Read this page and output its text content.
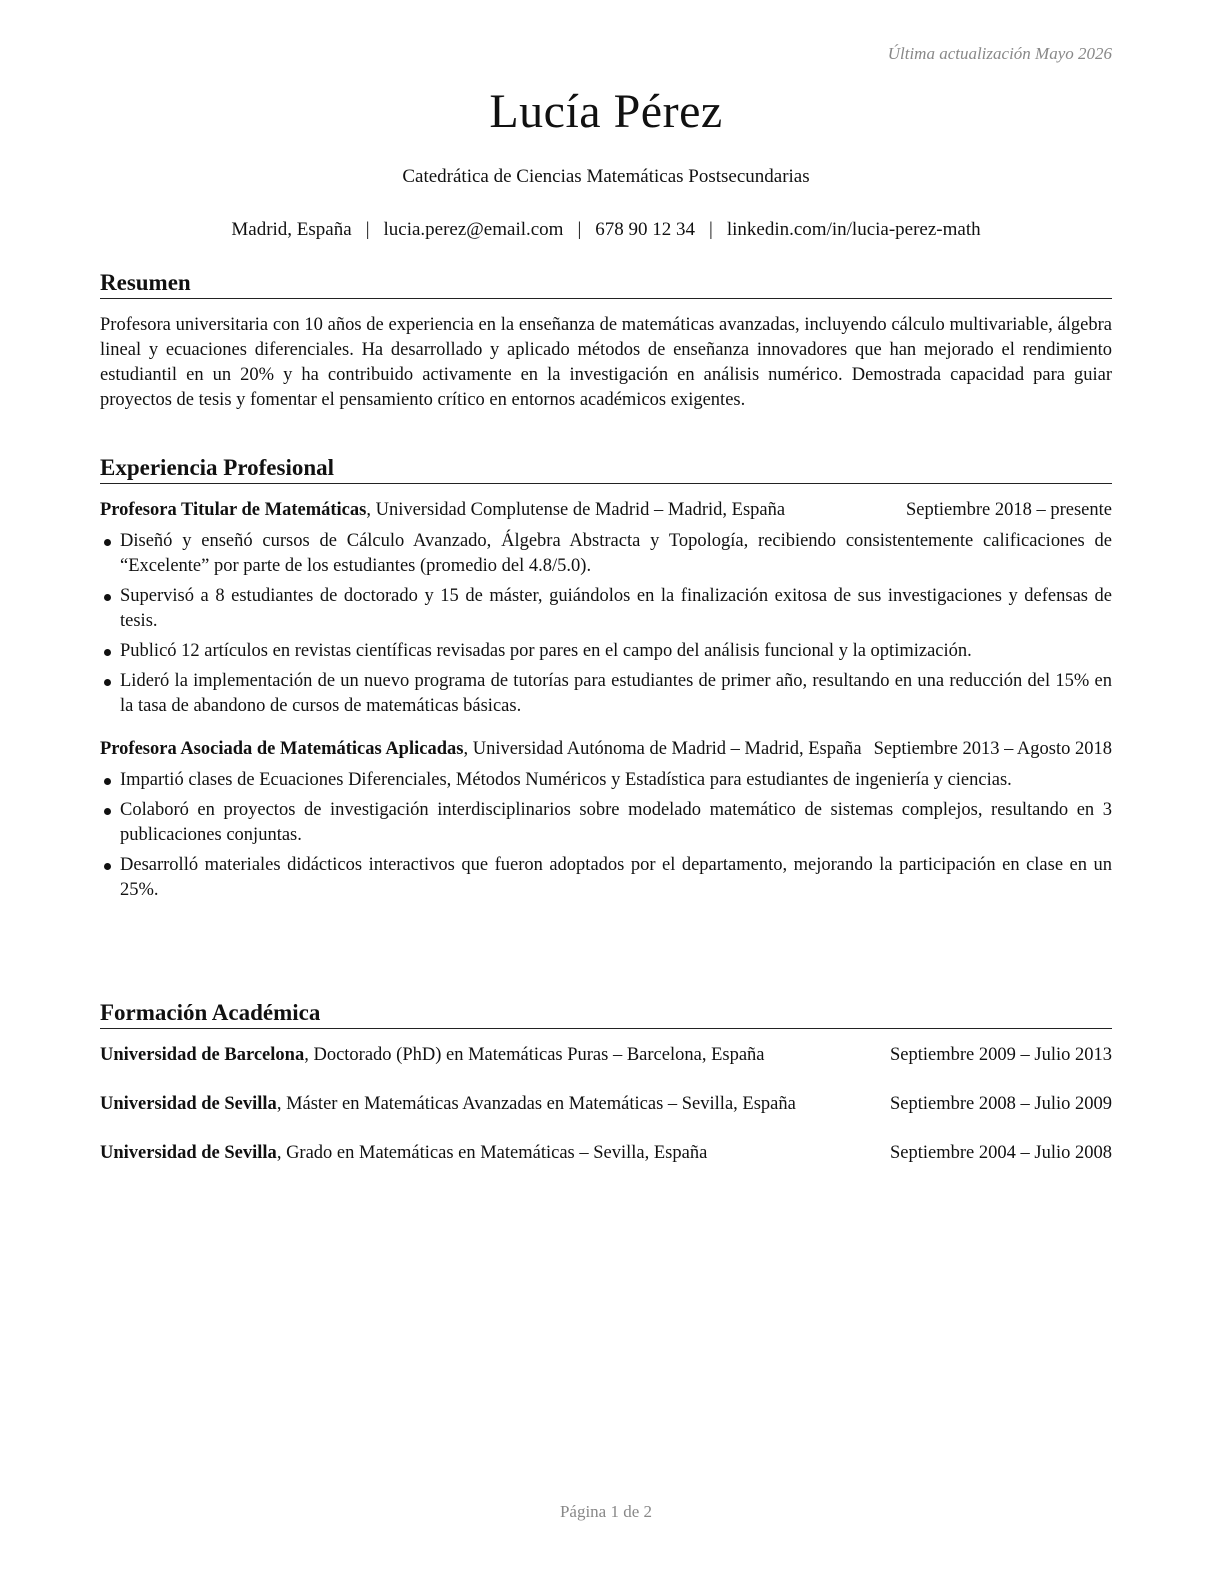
Última actualización Mayo 2026
Lucía Pérez
Catedrática de Ciencias Matemáticas Postsecundarias
Madrid, España | lucia.perez@email.com | 678 90 12 34 | linkedin.com/in/lucia-perez-math
Resumen
Profesora universitaria con 10 años de experiencia en la enseñanza de matemáticas avanzadas, incluyendo cálculo multivariable, álgebra lineal y ecuaciones diferenciales. Ha desarrollado y aplicado métodos de enseñanza innovadores que han mejorado el rendimiento estudiantil en un 20% y ha contribuido activamente en la investigación en análisis numérico. Demostrada capacidad para guiar proyectos de tesis y fomentar el pensamiento crítico en entornos académicos exigentes.
Experiencia Profesional
Profesora Titular de Matemáticas, Universidad Complutense de Madrid – Madrid, España	Septiembre 2018 – presente
Diseñó y enseñó cursos de Cálculo Avanzado, Álgebra Abstracta y Topología, recibiendo consistentemente calificaciones de “Excelente” por parte de los estudiantes (promedio del 4.8/5.0).
Supervisó a 8 estudiantes de doctorado y 15 de máster, guiándolos en la finalización exitosa de sus investigaciones y defensas de tesis.
Publicó 12 artículos en revistas científicas revisadas por pares en el campo del análisis funcional y la optimización.
Lideró la implementación de un nuevo programa de tutorías para estudiantes de primer año, resultando en una reducción del 15% en la tasa de abandono de cursos de matemáticas básicas.
Profesora Asociada de Matemáticas Aplicadas, Universidad Autónoma de Madrid – Madrid, España Septiembre 2013 – Agosto 2018
Impartió clases de Ecuaciones Diferenciales, Métodos Numéricos y Estadística para estudiantes de ingeniería y ciencias.
Colaboró en proyectos de investigación interdisciplinarios sobre modelado matemático de sistemas complejos, resultando en 3 publicaciones conjuntas.
Desarrolló materiales didácticos interactivos que fueron adoptados por el departamento, mejorando la participación en clase en un 25%.
Formación Académica
Universidad de Barcelona, Doctorado (PhD) en Matemáticas Puras – Barcelona, España	Septiembre 2009 – Julio 2013
Universidad de Sevilla, Máster en Matemáticas Avanzadas en Matemáticas – Sevilla, España	Septiembre 2008 – Julio 2009
Universidad de Sevilla, Grado en Matemáticas en Matemáticas – Sevilla, España	Septiembre 2004 – Julio 2008
Página 1 de 2
